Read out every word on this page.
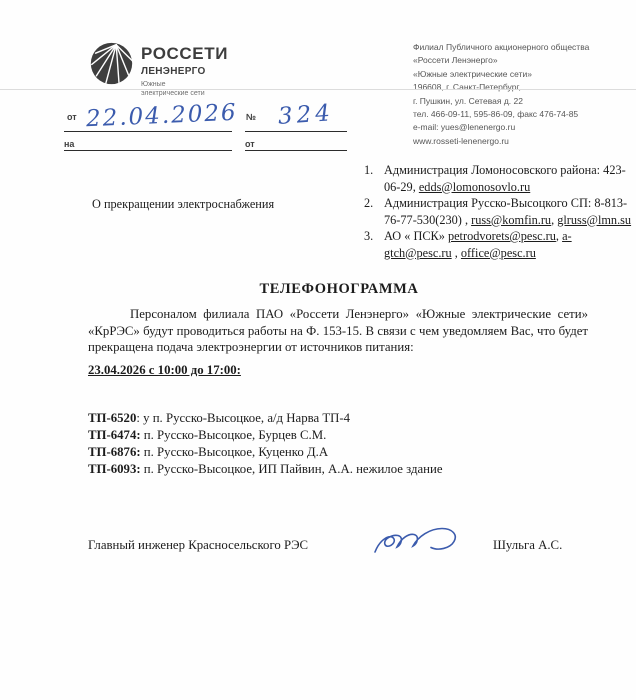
РОССЕТИ
ЛЕНЭНЕРГО
Южные
электрические сети
Филиал Публичного акционерного общества
«Россети Ленэнерго»
«Южные электрические сети»
196608, г. Санкт-Петербург,
г. Пушкин, ул. Сетевая д. 22
тел. 466-09-11, 595-86-09, факс 476-74-85
e-mail: yues@lenenergo.ru
www.rosseti-lenenergo.ru
от 22.04.2026 № 324
на	от
1. Администрация Ломоносовского района: 423-06-29, edds@lomonosovlo.ru
2. Администрация Русско-Высоцкого СП: 8-813-76-77-530(230) , russ@komfin.ru, glruss@lmn.su
3. АО « ПСК» petrodvorets@pesc.ru, a-gtch@pesc.ru , office@pesc.ru
О прекращении электроснабжения
ТЕЛЕФОНОГРАММА
Персоналом филиала ПАО «Россети Ленэнерго» «Южные электрические сети» «КрРЭС» будут проводиться работы на Ф. 153-15. В связи с чем уведомляем Вас, что будет прекращена подача электроэнергии от источников питания:
23.04.2026 с 10:00 до 17:00:
ТП-6520: у п. Русско-Высоцкое, а/д Нарва ТП-4
ТП-6474: п. Русско-Высоцкое, Бурцев С.М.
ТП-6876: п. Русско-Высоцкое, Куценко Д.А
ТП-6093: п. Русско-Высоцкое, ИП Пайвин, А.А. нежилое здание
Главный инженер Красносельского РЭС	Шульга А.С.
